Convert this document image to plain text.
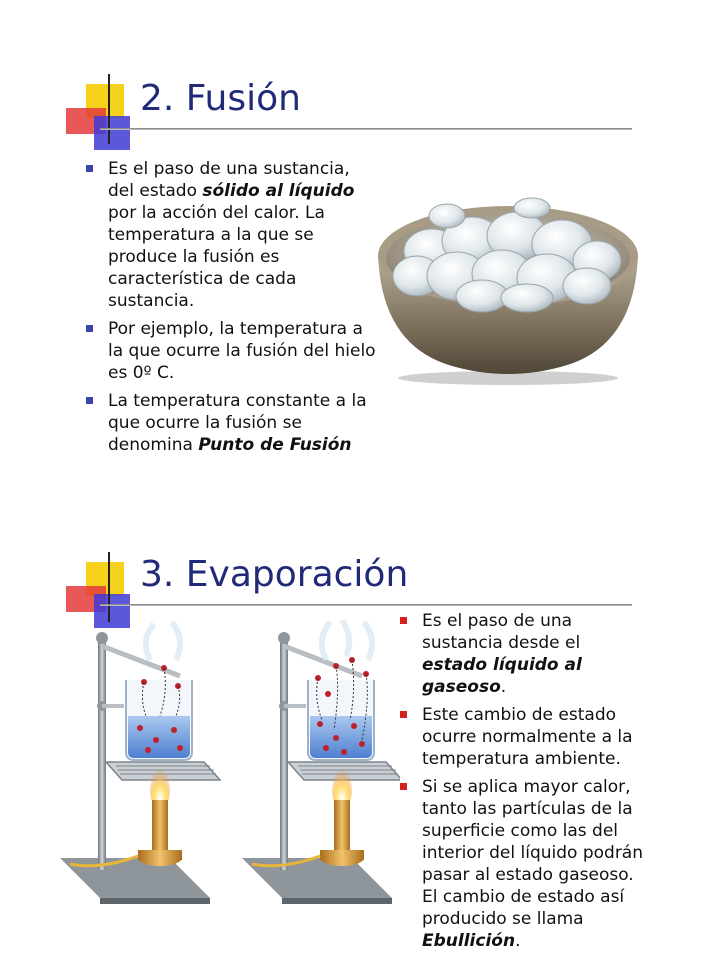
2. Fusión
Es el paso de una sustancia, del estado sólido al líquido por la acción del calor. La temperatura a la que se produce la fusión es característica de cada sustancia.
Por ejemplo, la temperatura a la que ocurre la fusión del hielo es 0º C.
La temperatura constante a la que ocurre la fusión se denomina Punto de Fusión
3. Evaporación
Es el paso de una sustancia desde el estado líquido al gaseoso.
Este cambio de estado ocurre normalmente a la temperatura ambiente.
Si se aplica mayor calor, tanto las partículas de la superficie como las del interior del líquido podrán pasar al estado gaseoso. El cambio de estado así producido se llama Ebullición.
